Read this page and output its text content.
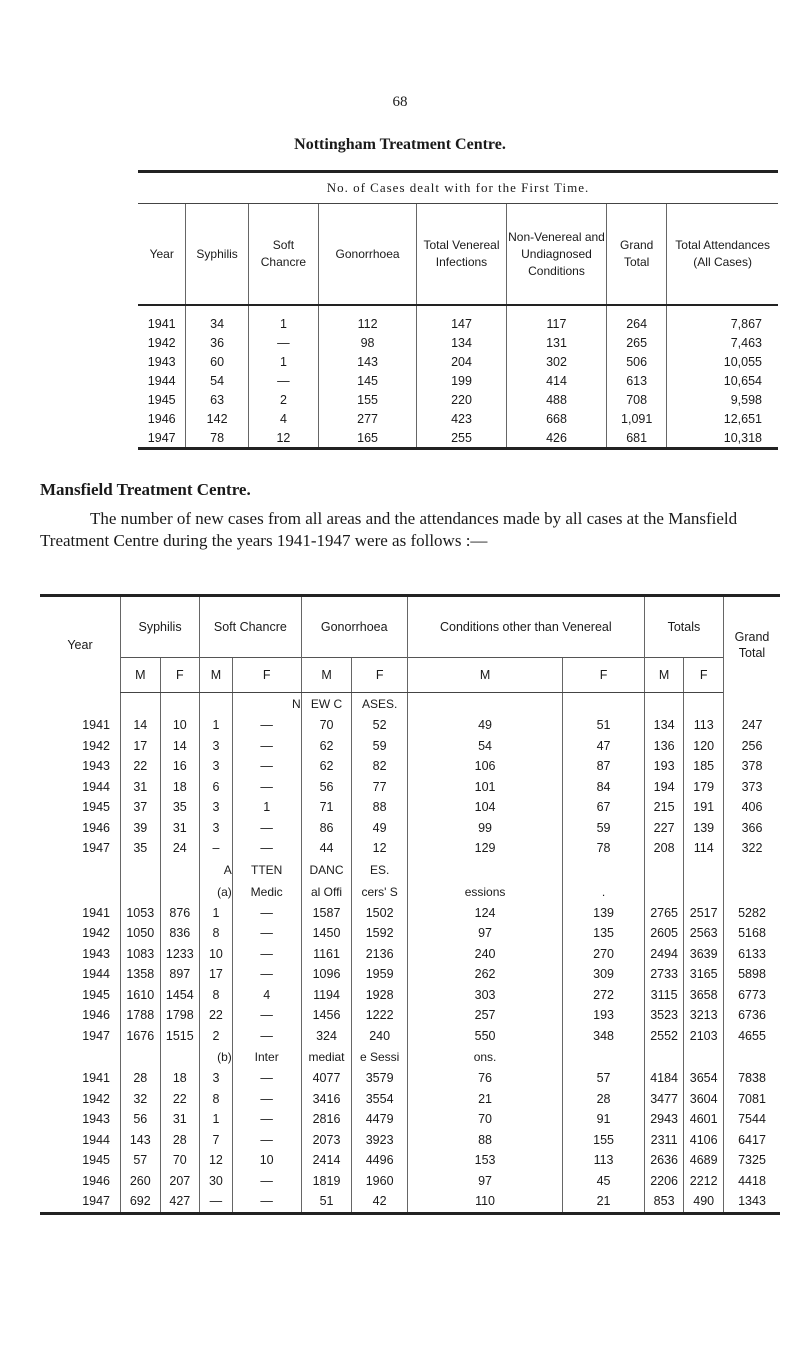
68
Nottingham Treatment Centre.
No. of Cases dealt with for the First Time.							
Year	Syphilis	Soft Chancre	Gonorrhoea	Total Venereal Infections	Non-Venereal and Undiagnosed Conditions	Grand Total	Total Attendances (All Cases)
1941	34	1	112	147	117	264	7,867
1942	36	—	98	134	131	265	7,463
1943	60	1	143	204	302	506	10,055
1944	54	—	145	199	414	613	10,654
1945	63	2	155	220	488	708	9,598
1946	142	4	277	423	668	1,091	12,651
1947	78	12	165	255	426	681	10,318
Mansfield Treatment Centre.

The number of new cases from all areas and the attendances made by all cases at the Mansfield Treatment Centre during the years 1941-1947 were as follows :—

Year	Syphilis		Soft Chancre		Gonorrhoea		Conditions other than Venereal		Totals		Grand Total
	M	F	M	F	M	F	M	F	M	F	
				N	EW C	ASES.					
1941	14	10	1	—	70	52	49	51	134	113	247
1942	17	14	3	—	62	59	54	47	136	120	256
1943	22	16	3	—	62	82	106	87	193	185	378
1944	31	18	6	—	56	77	101	84	194	179	373
1945	37	35	3	1	71	88	104	67	215	191	406
1946	39	31	3	—	86	49	99	59	227	139	366
1947	35	24	–	—	44	12	129	78	208	114	322
			A	TTEN	DANC	ES.					
			(a)	Medic	al Offi	cers' S	essions	.			
1941	1053	876	1	—	1587	1502	124	139	2765	2517	5282
1942	1050	836	8	—	1450	1592	97	135	2605	2563	5168
1943	1083	1233	10	—	1161	2136	240	270	2494	3639	6133
1944	1358	897	17	—	1096	1959	262	309	2733	3165	5898
1945	1610	1454	8	4	1194	1928	303	272	3115	3658	6773
1946	1788	1798	22	—	1456	1222	257	193	3523	3213	6736
1947	1676	1515	2	—	324	240	550	348	2552	2103	4655
			(b)	Inter	mediat	e Sessi	ons.				
1941	28	18	3	—	4077	3579	76	57	4184	3654	7838
1942	32	22	8	—	3416	3554	21	28	3477	3604	7081
1943	56	31	1	—	2816	4479	70	91	2943	4601	7544
1944	143	28	7	—	2073	3923	88	155	2311	4106	6417
1945	57	70	12	10	2414	4496	153	113	2636	4689	7325
1946	260	207	30	—	1819	1960	97	45	2206	2212	4418
1947	692	427	—	—	51	42	110	21	853	490	1343
